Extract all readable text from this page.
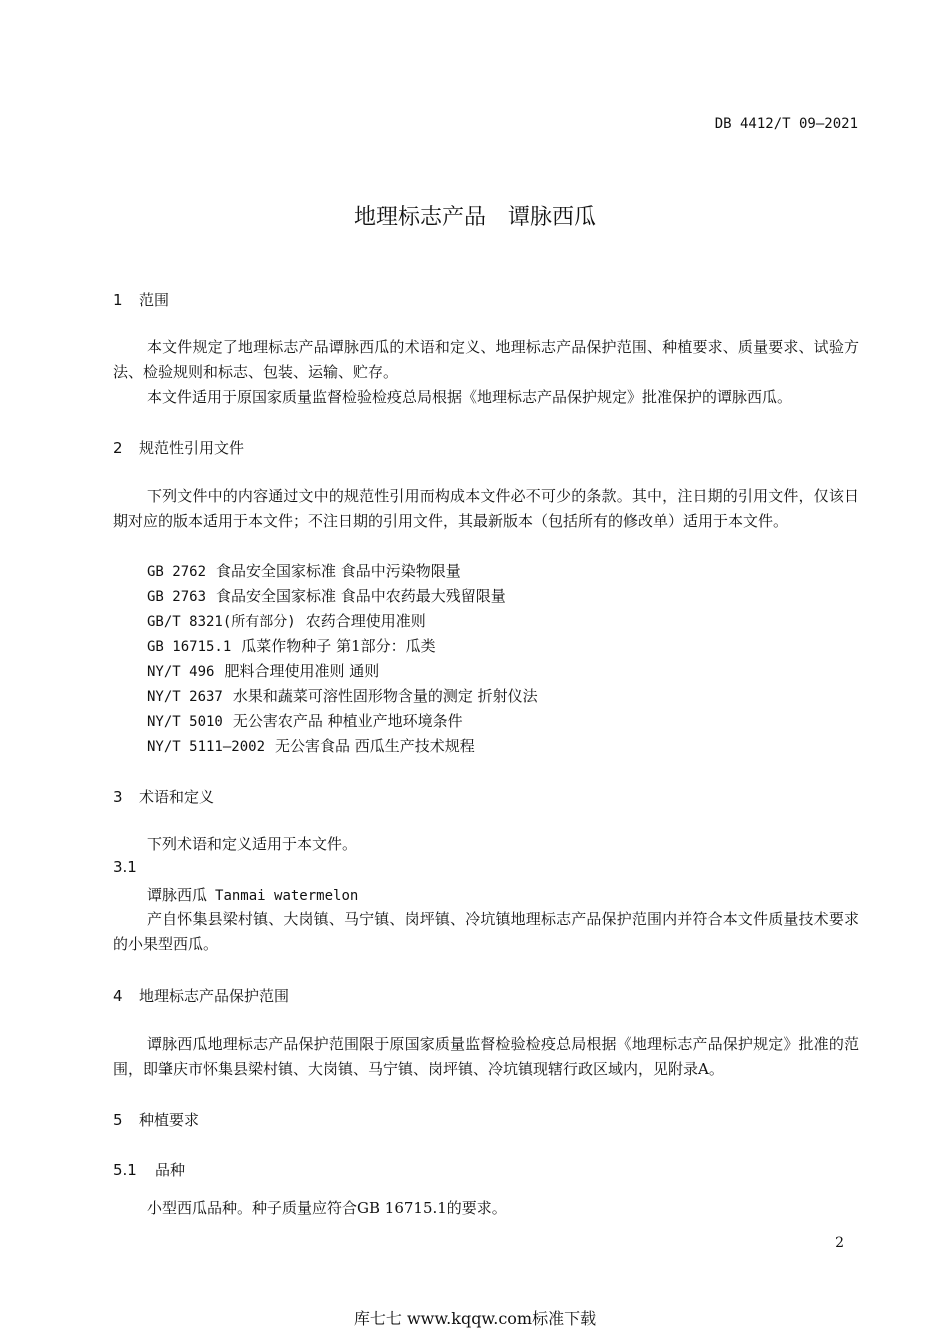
DB 4412/T 09—2021
地理标志产品　谭脉西瓜
1 范围
本文件规定了地理标志产品谭脉西瓜的术语和定义、地理标志产品保护范围、种植要求、质量要求、试验方法、检验规则和标志、包装、运输、贮存。
本文件适用于原国家质量监督检验检疫总局根据《地理标志产品保护规定》批准保护的谭脉西瓜。
2 规范性引用文件
下列文件中的内容通过文中的规范性引用而构成本文件必不可少的条款。其中，注日期的引用文件，仅该日期对应的版本适用于本文件；不注日期的引用文件，其最新版本（包括所有的修改单）适用于本文件。
GB 2762 食品安全国家标准 食品中污染物限量
GB 2763 食品安全国家标准 食品中农药最大残留限量
GB/T 8321(所有部分) 农药合理使用准则
GB 16715.1 瓜菜作物种子 第1部分：瓜类
NY/T 496 肥料合理使用准则 通则
NY/T 2637 水果和蔬菜可溶性固形物含量的测定 折射仪法
NY/T 5010 无公害农产品 种植业产地环境条件
NY/T 5111—2002 无公害食品 西瓜生产技术规程
3 术语和定义
下列术语和定义适用于本文件。
3.1
谭脉西瓜 Tanmai watermelon
产自怀集县梁村镇、大岗镇、马宁镇、岗坪镇、冷坑镇地理标志产品保护范围内并符合本文件质量技术要求的小果型西瓜。
4 地理标志产品保护范围
谭脉西瓜地理标志产品保护范围限于原国家质量监督检验检疫总局根据《地理标志产品保护规定》批准的范围，即肇庆市怀集县梁村镇、大岗镇、马宁镇、岗坪镇、冷坑镇现辖行政区域内，见附录A。
5 种植要求
5.1 品种
小型西瓜品种。种子质量应符合GB 16715.1的要求。
2
库七七 www.kqqw.com标准下载
